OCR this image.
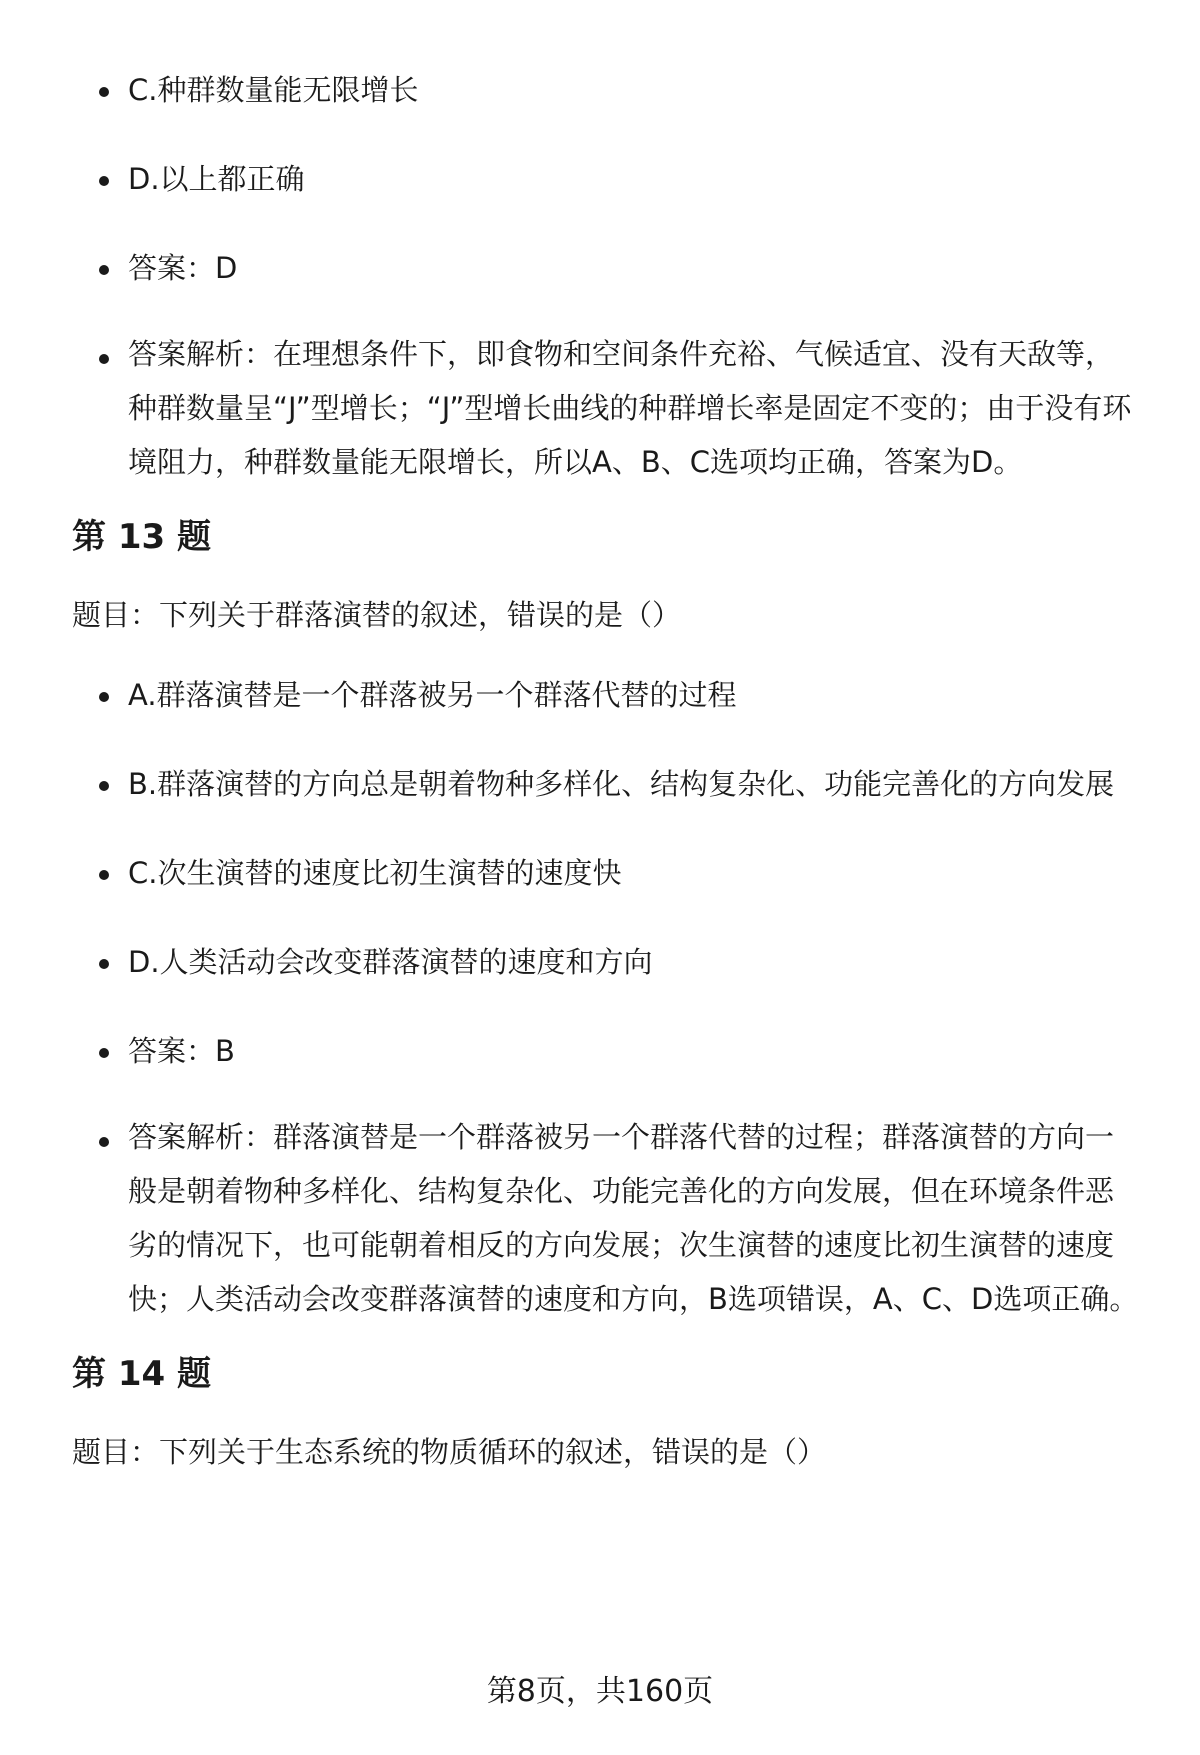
C.种群数量能无限增长
D.以上都正确
答案：D
答案解析：在理想条件下，即食物和空间条件充裕、气候适宜、没有天敌等，种群数量呈“J”型增长；“J”型增长曲线的种群增长率是固定不变的；由于没有环境阻力，种群数量能无限增长，所以A、B、C选项均正确，答案为D。
第 13 题

题目：下列关于群落演替的叙述，错误的是（）

A.群落演替是一个群落被另一个群落代替的过程
B.群落演替的方向总是朝着物种多样化、结构复杂化、功能完善化的方向发展
C.次生演替的速度比初生演替的速度快
D.人类活动会改变群落演替的速度和方向
答案：B
答案解析：群落演替是一个群落被另一个群落代替的过程；群落演替的方向一般是朝着物种多样化、结构复杂化、功能完善化的方向发展，但在环境条件恶劣的情况下，也可能朝着相反的方向发展；次生演替的速度比初生演替的速度快；人类活动会改变群落演替的速度和方向，B选项错误，A、C、D选项正确。
第 14 题

题目：下列关于生态系统的物质循环的叙述，错误的是（）

第8页，共160页
